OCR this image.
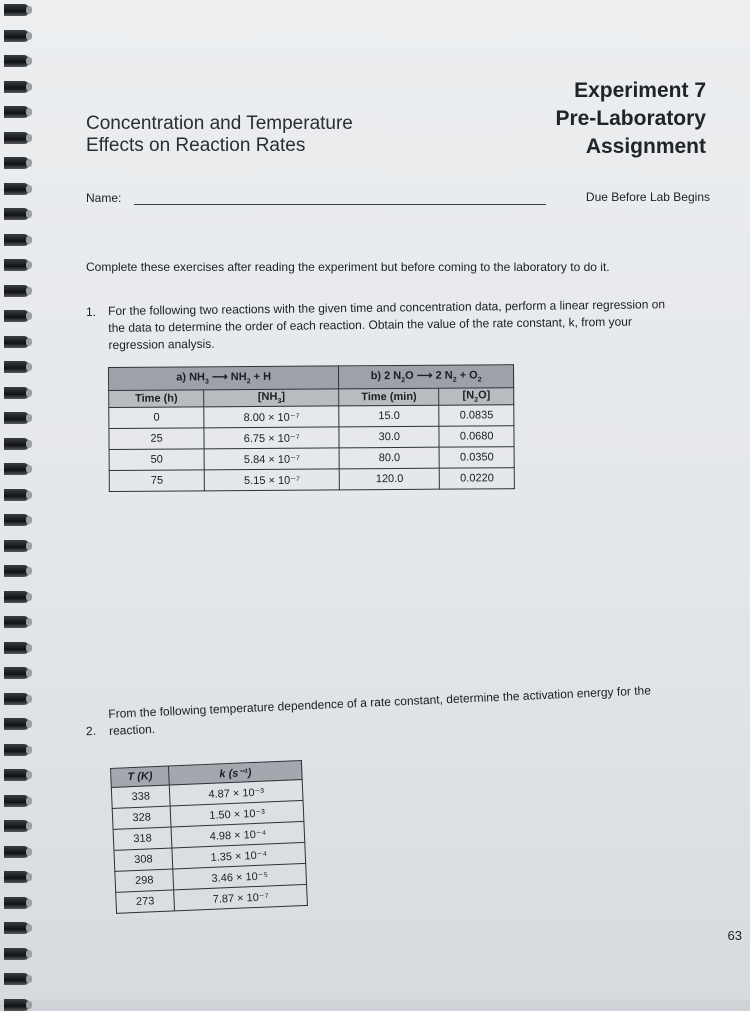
Experiment 7
Pre-Laboratory
Assignment
Concentration and Temperature
Effects on Reaction Rates
Name:	Due Before Lab Begins
Complete these exercises after reading the experiment but before coming to the laboratory to do it.
1. For the following two reactions with the given time and concentration data, perform a linear regression on the data to determine the order of each reaction. Obtain the value of the rate constant, k, from your regression analysis.
a) $NH_3$ ⟶ $NH_2 + H$		b) 2 $N_2O$ ⟶ 2 $N_2 + O_2$
Time (h)	$[NH_3]$	Time (min)	$[N_2O]$
0	8.00 × 10⁻⁷	15.0	0.0835
25	6.75 × 10⁻⁷	30.0	0.0680
50	5.84 × 10⁻⁷	80.0	0.0350
75	5.15 × 10⁻⁷	120.0	0.0220
2.
From the following temperature dependence of a rate constant, determine the activation energy for the reaction.
T (K)	k (s⁻¹)
338	4.87 × 10⁻³
328	1.50 × 10⁻³
318	4.98 × 10⁻⁴
308	1.35 × 10⁻⁴
298	3.46 × 10⁻⁵
273	7.87 × 10⁻⁷
63
